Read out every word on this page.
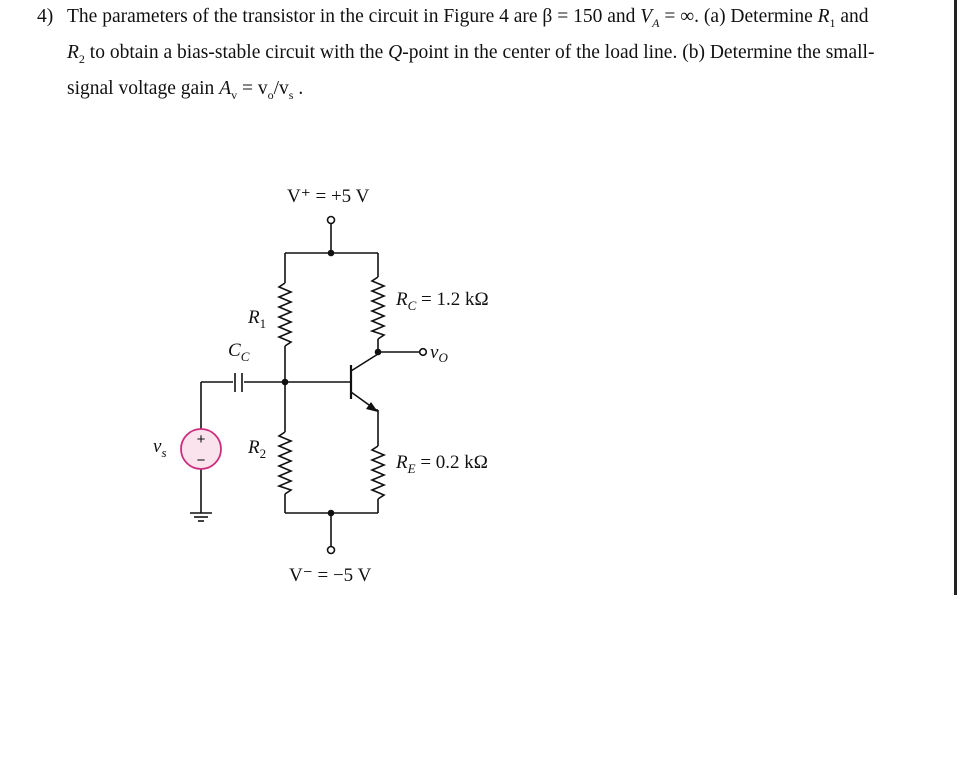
4) The parameters of the transistor in the circuit in Figure 4 are β = 150 and $V_A$ = ∞. (a) Determine $R_1$ and
$R_2$ to obtain a bias-stable circuit with the Q-point in the center of the load line. (b) Determine the small-
signal voltage gain $A_v = v_o/v_s$ .
+
−
V⁺ = +5 V
V⁻ = −5 V
$R_C = 1.2$ kΩ
$R_E = 0.2$ kΩ
$R_1$
$R_2$
$C_C$	$v_O$
$v_s$
